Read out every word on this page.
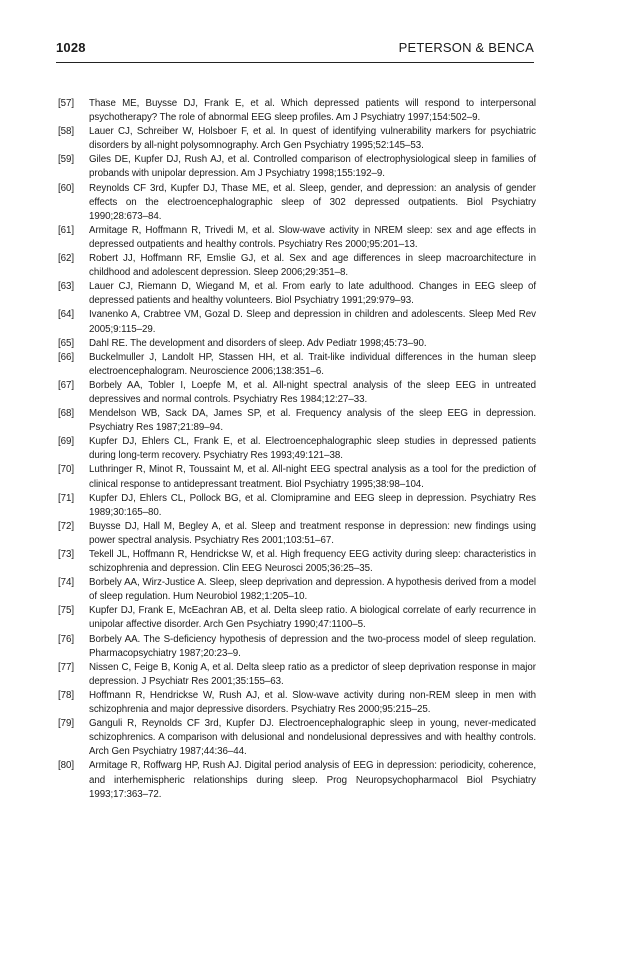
1028	PETERSON & BENCA
[57] Thase ME, Buysse DJ, Frank E, et al. Which depressed patients will respond to interpersonal psychotherapy? The role of abnormal EEG sleep profiles. Am J Psychiatry 1997;154:502–9.
[58] Lauer CJ, Schreiber W, Holsboer F, et al. In quest of identifying vulnerability markers for psychiatric disorders by all-night polysomnography. Arch Gen Psychiatry 1995;52:145–53.
[59] Giles DE, Kupfer DJ, Rush AJ, et al. Controlled comparison of electrophysiological sleep in families of probands with unipolar depression. Am J Psychiatry 1998;155:192–9.
[60] Reynolds CF 3rd, Kupfer DJ, Thase ME, et al. Sleep, gender, and depression: an analysis of gender effects on the electroencephalographic sleep of 302 depressed outpatients. Biol Psychiatry 1990;28:673–84.
[61] Armitage R, Hoffmann R, Trivedi M, et al. Slow-wave activity in NREM sleep: sex and age effects in depressed outpatients and healthy controls. Psychiatry Res 2000;95:201–13.
[62] Robert JJ, Hoffmann RF, Emslie GJ, et al. Sex and age differences in sleep macroarchitecture in childhood and adolescent depression. Sleep 2006;29:351–8.
[63] Lauer CJ, Riemann D, Wiegand M, et al. From early to late adulthood. Changes in EEG sleep of depressed patients and healthy volunteers. Biol Psychiatry 1991;29:979–93.
[64] Ivanenko A, Crabtree VM, Gozal D. Sleep and depression in children and adolescents. Sleep Med Rev 2005;9:115–29.
[65] Dahl RE. The development and disorders of sleep. Adv Pediatr 1998;45:73–90.
[66] Buckelmuller J, Landolt HP, Stassen HH, et al. Trait-like individual differences in the human sleep electroencephalogram. Neuroscience 2006;138:351–6.
[67] Borbely AA, Tobler I, Loepfe M, et al. All-night spectral analysis of the sleep EEG in untreated depressives and normal controls. Psychiatry Res 1984;12:27–33.
[68] Mendelson WB, Sack DA, James SP, et al. Frequency analysis of the sleep EEG in depression. Psychiatry Res 1987;21:89–94.
[69] Kupfer DJ, Ehlers CL, Frank E, et al. Electroencephalographic sleep studies in depressed patients during long-term recovery. Psychiatry Res 1993;49:121–38.
[70] Luthringer R, Minot R, Toussaint M, et al. All-night EEG spectral analysis as a tool for the prediction of clinical response to antidepressant treatment. Biol Psychiatry 1995;38:98–104.
[71] Kupfer DJ, Ehlers CL, Pollock BG, et al. Clomipramine and EEG sleep in depression. Psychiatry Res 1989;30:165–80.
[72] Buysse DJ, Hall M, Begley A, et al. Sleep and treatment response in depression: new findings using power spectral analysis. Psychiatry Res 2001;103:51–67.
[73] Tekell JL, Hoffmann R, Hendrickse W, et al. High frequency EEG activity during sleep: characteristics in schizophrenia and depression. Clin EEG Neurosci 2005;36:25–35.
[74] Borbely AA, Wirz-Justice A. Sleep, sleep deprivation and depression. A hypothesis derived from a model of sleep regulation. Hum Neurobiol 1982;1:205–10.
[75] Kupfer DJ, Frank E, McEachran AB, et al. Delta sleep ratio. A biological correlate of early recurrence in unipolar affective disorder. Arch Gen Psychiatry 1990;47:1100–5.
[76] Borbely AA. The S-deficiency hypothesis of depression and the two-process model of sleep regulation. Pharmacopsychiatry 1987;20:23–9.
[77] Nissen C, Feige B, Konig A, et al. Delta sleep ratio as a predictor of sleep deprivation response in major depression. J Psychiatr Res 2001;35:155–63.
[78] Hoffmann R, Hendrickse W, Rush AJ, et al. Slow-wave activity during non-REM sleep in men with schizophrenia and major depressive disorders. Psychiatry Res 2000;95:215–25.
[79] Ganguli R, Reynolds CF 3rd, Kupfer DJ. Electroencephalographic sleep in young, never-medicated schizophrenics. A comparison with delusional and nondelusional depressives and with healthy controls. Arch Gen Psychiatry 1987;44:36–44.
[80] Armitage R, Roffwarg HP, Rush AJ. Digital period analysis of EEG in depression: periodicity, coherence, and interhemispheric relationships during sleep. Prog Neuropsychopharmacol Biol Psychiatry 1993;17:363–72.
